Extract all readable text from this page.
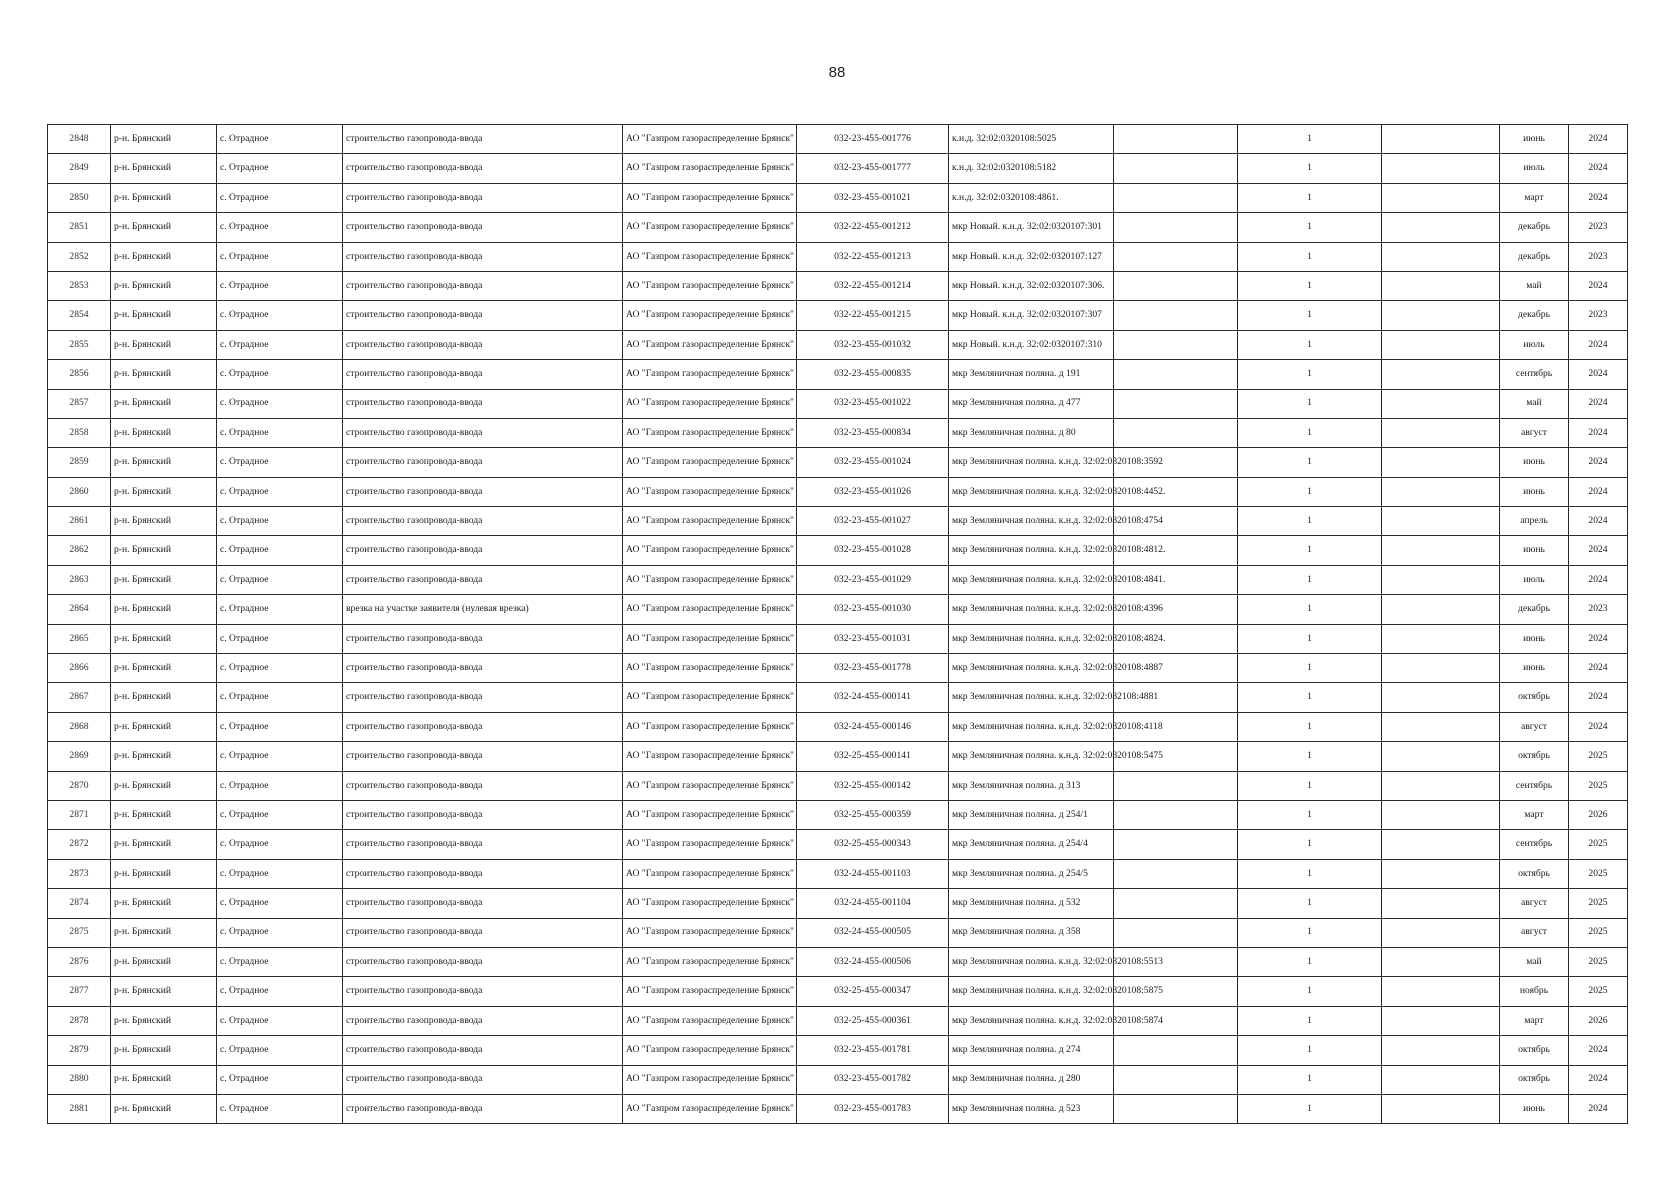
88
2848	р-н. Брянский	с. Отрадное	строительство газопровода-ввода	АО "Газпром газораспределение Брянск"	032-23-455-001776	к.н.д. 32:02:0320108:5025		1		июнь	2024
2849	р-н. Брянский	с. Отрадное	строительство газопровода-ввода	АО "Газпром газораспределение Брянск"	032-23-455-001777	к.н.д. 32:02:0320108:5182		1		июль	2024
2850	р-н. Брянский	с. Отрадное	строительство газопровода-ввода	АО "Газпром газораспределение Брянск"	032-23-455-001021	к.н.д. 32:02:0320108:4861.		1		март	2024
2851	р-н. Брянский	с. Отрадное	строительство газопровода-ввода	АО "Газпром газораспределение Брянск"	032-22-455-001212	мкр Новый. к.н.д. 32:02:0320107:301		1		декабрь	2023
2852	р-н. Брянский	с. Отрадное	строительство газопровода-ввода	АО "Газпром газораспределение Брянск"	032-22-455-001213	мкр Новый. к.н.д. 32:02:0320107:127		1		декабрь	2023
2853	р-н. Брянский	с. Отрадное	строительство газопровода-ввода	АО "Газпром газораспределение Брянск"	032-22-455-001214	мкр Новый. к.н.д. 32:02:0320107:306.		1		май	2024
2854	р-н. Брянский	с. Отрадное	строительство газопровода-ввода	АО "Газпром газораспределение Брянск"	032-22-455-001215	мкр Новый. к.н.д. 32:02:0320107:307		1		декабрь	2023
2855	р-н. Брянский	с. Отрадное	строительство газопровода-ввода	АО "Газпром газораспределение Брянск"	032-23-455-001032	мкр Новый. к.н.д. 32:02:0320107:310		1		июль	2024
2856	р-н. Брянский	с. Отрадное	строительство газопровода-ввода	АО "Газпром газораспределение Брянск"	032-23-455-000835	мкр Земляничная поляна. д 191		1		сентябрь	2024
2857	р-н. Брянский	с. Отрадное	строительство газопровода-ввода	АО "Газпром газораспределение Брянск"	032-23-455-001022	мкр Земляничная поляна. д 477		1		май	2024
2858	р-н. Брянский	с. Отрадное	строительство газопровода-ввода	АО "Газпром газораспределение Брянск"	032-23-455-000834	мкр Земляничная поляна. д 80		1		август	2024
2859	р-н. Брянский	с. Отрадное	строительство газопровода-ввода	АО "Газпром газораспределение Брянск"	032-23-455-001024	мкр Земляничная поляна. к.н.д. 32:02:0320108:3592		1		июнь	2024
2860	р-н. Брянский	с. Отрадное	строительство газопровода-ввода	АО "Газпром газораспределение Брянск"	032-23-455-001026	мкр Земляничная поляна. к.н.д. 32:02:0320108:4452.		1		июнь	2024
2861	р-н. Брянский	с. Отрадное	строительство газопровода-ввода	АО "Газпром газораспределение Брянск"	032-23-455-001027	мкр Земляничная поляна. к.н.д. 32:02:0320108:4754		1		апрель	2024
2862	р-н. Брянский	с. Отрадное	строительство газопровода-ввода	АО "Газпром газораспределение Брянск"	032-23-455-001028	мкр Земляничная поляна. к.н.д. 32:02:0320108:4812.		1		июнь	2024
2863	р-н. Брянский	с. Отрадное	строительство газопровода-ввода	АО "Газпром газораспределение Брянск"	032-23-455-001029	мкр Земляничная поляна. к.н.д. 32:02:0320108:4841.		1		июль	2024
2864	р-н. Брянский	с. Отрадное	врезка на участке заявителя (нулевая врезка)	АО "Газпром газораспределение Брянск"	032-23-455-001030	мкр Земляничная поляна. к.н.д. 32:02:0320108:4396		1		декабрь	2023
2865	р-н. Брянский	с. Отрадное	строительство газопровода-ввода	АО "Газпром газораспределение Брянск"	032-23-455-001031	мкр Земляничная поляна. к.н.д. 32:02:0320108:4824.		1		июнь	2024
2866	р-н. Брянский	с. Отрадное	строительство газопровода-ввода	АО "Газпром газораспределение Брянск"	032-23-455-001778	мкр Земляничная поляна. к.н.д. 32:02:0320108:4887		1		июнь	2024
2867	р-н. Брянский	с. Отрадное	строительство газопровода-ввода	АО "Газпром газораспределение Брянск"	032-24-455-000141	мкр Земляничная поляна. к.н.д. 32:02:032108:4881		1		октябрь	2024
2868	р-н. Брянский	с. Отрадное	строительство газопровода-ввода	АО "Газпром газораспределение Брянск"	032-24-455-000146	мкр Земляничная поляна. к.н.д. 32:02:0320108:4118		1		август	2024
2869	р-н. Брянский	с. Отрадное	строительство газопровода-ввода	АО "Газпром газораспределение Брянск"	032-25-455-000141	мкр Земляничная поляна. к.н.д. 32:02:0320108:5475		1		октябрь	2025
2870	р-н. Брянский	с. Отрадное	строительство газопровода-ввода	АО "Газпром газораспределение Брянск"	032-25-455-000142	мкр Земляничная поляна. д 313		1		сентябрь	2025
2871	р-н. Брянский	с. Отрадное	строительство газопровода-ввода	АО "Газпром газораспределение Брянск"	032-25-455-000359	мкр Земляничная поляна. д 254/1		1		март	2026
2872	р-н. Брянский	с. Отрадное	строительство газопровода-ввода	АО "Газпром газораспределение Брянск"	032-25-455-000343	мкр Земляничная поляна. д 254/4		1		сентябрь	2025
2873	р-н. Брянский	с. Отрадное	строительство газопровода-ввода	АО "Газпром газораспределение Брянск"	032-24-455-001103	мкр Земляничная поляна. д 254/5		1		октябрь	2025
2874	р-н. Брянский	с. Отрадное	строительство газопровода-ввода	АО "Газпром газораспределение Брянск"	032-24-455-001104	мкр Земляничная поляна. д 532		1		август	2025
2875	р-н. Брянский	с. Отрадное	строительство газопровода-ввода	АО "Газпром газораспределение Брянск"	032-24-455-000505	мкр Земляничная поляна. д 358		1		август	2025
2876	р-н. Брянский	с. Отрадное	строительство газопровода-ввода	АО "Газпром газораспределение Брянск"	032-24-455-000506	мкр Земляничная поляна. к.н.д. 32:02:0320108:5513		1		май	2025
2877	р-н. Брянский	с. Отрадное	строительство газопровода-ввода	АО "Газпром газораспределение Брянск"	032-25-455-000347	мкр Земляничная поляна. к.н.д. 32:02:0320108:5875		1		ноябрь	2025
2878	р-н. Брянский	с. Отрадное	строительство газопровода-ввода	АО "Газпром газораспределение Брянск"	032-25-455-000361	мкр Земляничная поляна. к.н.д. 32:02:0320108:5874		1		март	2026
2879	р-н. Брянский	с. Отрадное	строительство газопровода-ввода	АО "Газпром газораспределение Брянск"	032-23-455-001781	мкр Земляничная поляна. д 274		1		октябрь	2024
2880	р-н. Брянский	с. Отрадное	строительство газопровода-ввода	АО "Газпром газораспределение Брянск"	032-23-455-001782	мкр Земляничная поляна. д 280		1		октябрь	2024
2881	р-н. Брянский	с. Отрадное	строительство газопровода-ввода	АО "Газпром газораспределение Брянск"	032-23-455-001783	мкр Земляничная поляна. д 523		1		июнь	2024
